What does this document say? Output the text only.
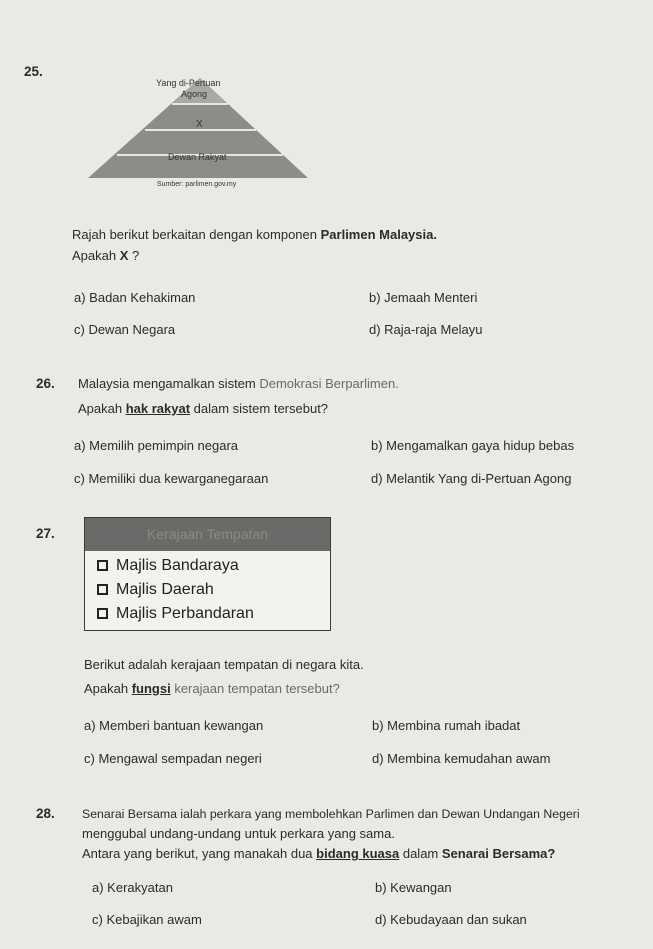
25.
Yang di-Pertuan
Agong
X
Dewan Rakyat
Sumber: parlimen.gov.my
Rajah berikut berkaitan dengan komponen Parlimen Malaysia.
Apakah X ?
a) Badan Kehakiman	b) Jemaah Menteri
c) Dewan Negara	d) Raja-raja Melayu
26. Malaysia mengamalkan sistem Demokrasi Berparlimen.
Apakah hak rakyat dalam sistem tersebut?
a) Memilih pemimpin negara	b) Mengamalkan gaya hidup bebas
c) Memiliki dua kewarganegaraan	d) Melantik Yang di-Pertuan Agong
27.	Kerajaan Tempatan
Majlis Bandaraya
Majlis Daerah
Majlis Perbandaran
Berikut adalah kerajaan tempatan di negara kita.
Apakah fungsi kerajaan tempatan tersebut?
a) Memberi bantuan kewangan	b) Membina rumah ibadat
c) Mengawal sempadan negeri	d) Membina kemudahan awam
28. Senarai Bersama ialah perkara yang membolehkan Parlimen dan Dewan Undangan Negeri
menggubal undang-undang untuk perkara yang sama.
Antara yang berikut, yang manakah dua bidang kuasa dalam Senarai Bersama?
a) Kerakyatan	b) Kewangan
c) Kebajikan awam	d) Kebudayaan dan sukan
